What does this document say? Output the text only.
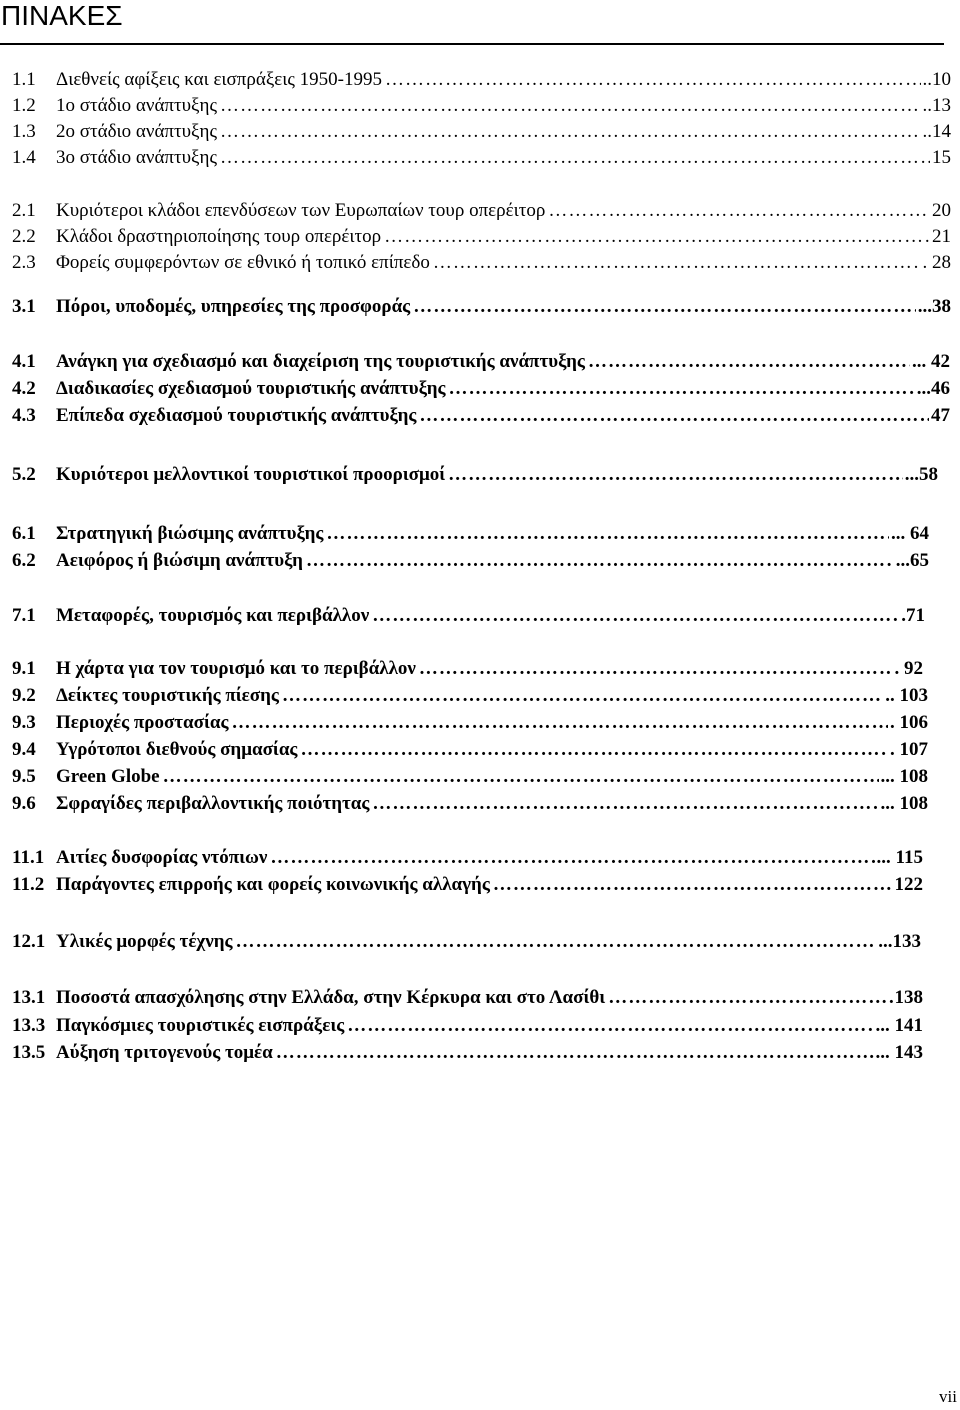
ΠΙΝΑΚΕΣ
1.1	Διεθνείς αφίξεις και εισπράξεις 1950-1995 ………………………………………………………………………………………………………………………………………………………………	..10
1.2	1ο στάδιο ανάπτυξης ………………………………………………………………………………………………………………………………………………………………	..13
1.3	2ο στάδιο ανάπτυξης ………………………………………………………………………………………………………………………………………………………………	..14
1.4	3ο στάδιο ανάπτυξης ………………………………………………………………………………………………………………………………………………………………	15
2.1	Κυριότεροι κλάδοι επενδύσεων των Ευρωπαίων τουρ οπερέιτορ ………………………………………………………………………………………………………………………………………………………………	20
2.2	Κλάδοι δραστηριοποίησης τουρ οπερέιτορ ………………………………………………………………………………………………………………………………………………………………	21
2.3	Φορείς συμφερόντων σε εθνικό ή τοπικό επίπεδο ………………………………………………………………………………………………………………………………………………………………	. 28
3.1	Πόροι, υποδομές, υπηρεσίες της προσφοράς ………………………………………………………………………………………………………………………………………………………………	...38
4.1	Ανάγκη για σχεδιασμό και διαχείριση της τουριστικής ανάπτυξης ………………………………………………………………………………………………………………………………………………………………	... 42
4.2	Διαδικασίες σχεδιασμού τουριστικής ανάπτυξης ………………………………………………………………………………………………………………………………………………………………	...46
4.3	Επίπεδα σχεδιασμού τουριστικής ανάπτυξης ………………………………………………………………………………………………………………………………………………………………	47
5.2	Κυριότεροι μελλοντικοί τουριστικοί προορισμοί ………………………………………………………………………………………………………………………………………………………………	...58
6.1	Στρατηγική βιώσιμης ανάπτυξης ………………………………………………………………………………………………………………………………………………………………	... 64
6.2	Αειφόρος ή βιώσιμη ανάπτυξη ………………………………………………………………………………………………………………………………………………………………	...65
7.1	Μεταφορές, τουρισμός και περιβάλλον ………………………………………………………………………………………………………………………………………………………………	.71
9.1	Η χάρτα για τον τουρισμό και το περιβάλλον ………………………………………………………………………………………………………………………………………………………………	. 92
9.2	Δείκτες τουριστικής πίεσης ………………………………………………………………………………………………………………………………………………………………	.. 103
9.3	Περιοχές προστασίας ………………………………………………………………………………………………………………………………………………………………	. 106
9.4	Υγρότοποι διεθνούς σημασίας ………………………………………………………………………………………………………………………………………………………………	. 107
9.5	Green Globe ………………………………………………………………………………………………………………………………………………………………	... 108
9.6	Σφραγίδες περιβαλλοντικής ποιότητας ………………………………………………………………………………………………………………………………………………………………	... 108
11.1 Αιτίες δυσφορίας ντόπιων ………………………………………………………………………………………………………………………………………………………………	... 115
11.2 Παράγοντες επιρροής και φορείς κοινωνικής αλλαγής ………………………………………………………………………………………………………………………………………………………………	122
12.1 Υλικές μορφές τέχνης ………………………………………………………………………………………………………………………………………………………………	...133
13.1 Ποσοστά απασχόλησης στην Ελλάδα, στην Κέρκυρα και στο Λασίθι ………………………………………………………………………………………………………………………………………………………………	138
13.3 Παγκόσμιες τουριστικές εισπράξεις ………………………………………………………………………………………………………………………………………………………………	... 141
13.5 Αύξηση τριτογενούς τομέα ………………………………………………………………………………………………………………………………………………………………	... 143
vii
